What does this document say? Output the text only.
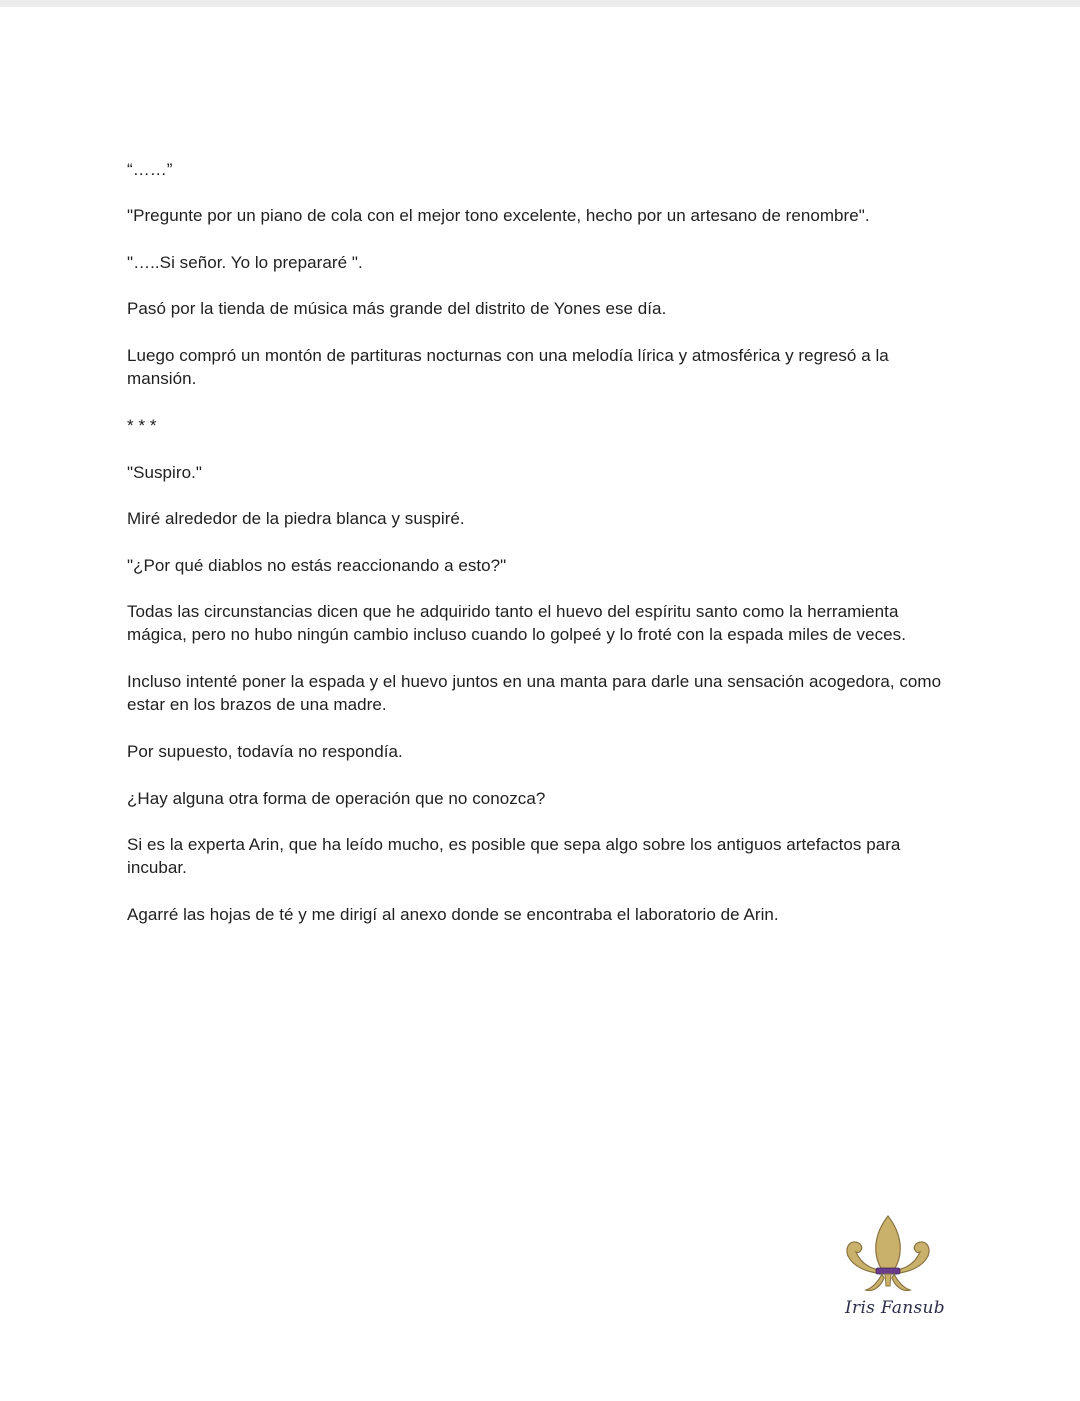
“……”

"Pregunte por un piano de cola con el mejor tono excelente, hecho por un artesano de renombre".

"…..Si señor. Yo lo prepararé ".

Pasó por la tienda de música más grande del distrito de Yones ese día.

Luego compró un montón de partituras nocturnas con una melodía lírica y atmosférica y regresó a la mansión.

* * *

"Suspiro."

Miré alrededor de la piedra blanca y suspiré.

"¿Por qué diablos no estás reaccionando a esto?"

Todas las circunstancias dicen que he adquirido tanto el huevo del espíritu santo como la herramienta mágica, pero no hubo ningún cambio incluso cuando lo golpeé y lo froté con la espada miles de veces.

Incluso intenté poner la espada y el huevo juntos en una manta para darle una sensación acogedora, como estar en los brazos de una madre.

Por supuesto, todavía no respondía.

¿Hay alguna otra forma de operación que no conozca?

Si es la experta Arin, que ha leído mucho, es posible que sepa algo sobre los antiguos artefactos para incubar.

Agarré las hojas de té y me dirigí al anexo donde se encontraba el laboratorio de Arin.

Iris Fansub
